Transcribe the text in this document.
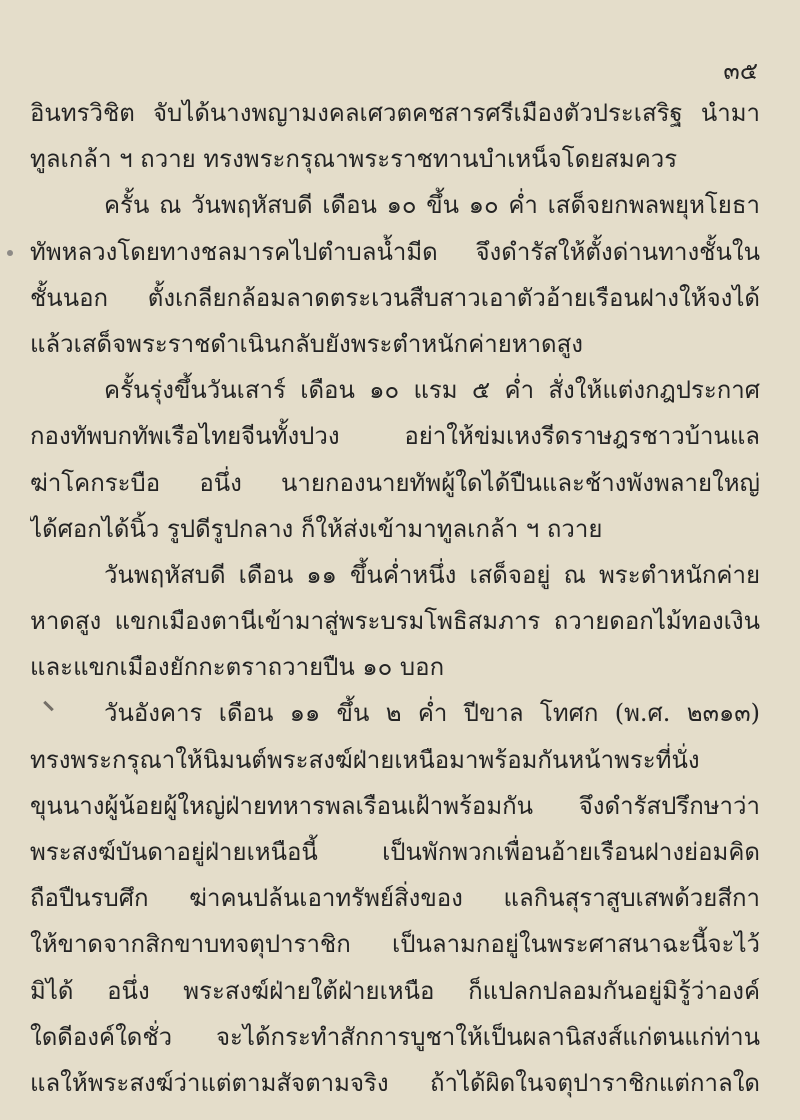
๓๕
อินทรวิชิต จับได้นางพญามงคลเศวตคชสารศรีเมืองตัวประเสริฐ นำมา
ทูลเกล้า ฯ ถวาย ทรงพระกรุณาพระราชทานบำเหน็จโดยสมควร
ครั้น ณ วันพฤหัสบดี เดือน ๑๐ ขึ้น ๑๐ ค่ำ เสด็จยกพลพยุหโยธา
ทัพหลวงโดยทางชลมารคไปตำบลน้ำมีด จึงดำรัสให้ตั้งด่านทางชั้นใน
ชั้นนอก ตั้งเกลียกล้อมลาดตระเวนสืบสาวเอาตัวอ้ายเรือนฝางให้จงได้
แล้วเสด็จพระราชดำเนินกลับยังพระตำหนักค่ายหาดสูง
ครั้นรุ่งขึ้นวันเสาร์ เดือน ๑๐ แรม ๕ ค่ำ สั่งให้แต่งกฎประกาศ
กองทัพบกทัพเรือไทยจีนทั้งปวง อย่าให้ข่มเหงรีดราษฎรชาวบ้านแล
ฆ่าโคกระบือ อนึ่ง นายกองนายทัพผู้ใดได้ปืนและช้างพังพลายใหญ่
ได้ศอกได้นิ้ว รูปดีรูปกลาง ก็ให้ส่งเข้ามาทูลเกล้า ฯ ถวาย
วันพฤหัสบดี เดือน ๑๑ ขึ้นค่ำหนึ่ง เสด็จอยู่ ณ พระตำหนักค่าย
หาดสูง แขกเมืองตานีเข้ามาสู่พระบรมโพธิสมภาร ถวายดอกไม้ทองเงิน
และแขกเมืองยักกะตราถวายปืน ๑๐ บอก
วันอังคาร เดือน ๑๑ ขึ้น ๒ ค่ำ ปีขาล โทศก (พ.ศ. ๒๓๑๓)
ทรงพระกรุณาให้นิมนต์พระสงฆ์ฝ่ายเหนือมาพร้อมกันหน้าพระที่นั่ง
ขุนนางผู้น้อยผู้ใหญ่ฝ่ายทหารพลเรือนเฝ้าพร้อมกัน จึงดำรัสปรึกษาว่า
พระสงฆ์บันดาอยู่ฝ่ายเหนือนี้ เป็นพักพวกเพื่อนอ้ายเรือนฝางย่อมคิด
ถือปืนรบศึก ฆ่าคนปล้นเอาทรัพย์สิ่งของ แลกินสุราสูบเสพด้วยสีกา
ให้ขาดจากสิกขาบทจตุปาราชิก เป็นลามกอยู่ในพระศาสนาฉะนี้จะไว้
มิได้ อนึ่ง พระสงฆ์ฝ่ายใต้ฝ่ายเหนือ ก็แปลกปลอมกันอยู่มิรู้ว่าองค์
ใดดีองค์ใดชั่ว จะได้กระทำสักการบูชาให้เป็นผลานิสงส์แก่ตนแก่ท่าน
แลให้พระสงฆ์ว่าแต่ตามสัจตามจริง ถ้าได้ผิดในจตุปาราชิกแต่กาลใด
